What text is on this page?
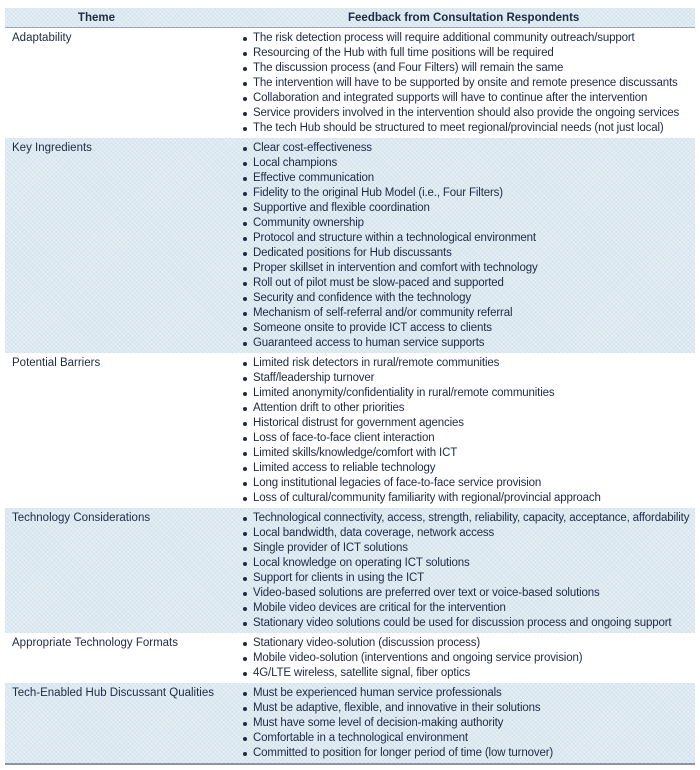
Theme	Feedback from Consultation Respondents
Adaptability	The risk detection process will require additional community outreach/support
Resourcing of the Hub with full time positions will be required
The discussion process (and Four Filters) will remain the same
The intervention will have to be supported by onsite and remote presence discussants
Collaboration and integrated supports will have to continue after the intervention
Service providers involved in the intervention should also provide the ongoing services
The tech Hub should be structured to meet regional/provincial needs (not just local)
Key Ingredients	Clear cost-effectiveness
Local champions
Effective communication
Fidelity to the original Hub Model (i.e., Four Filters)
Supportive and flexible coordination
Community ownership
Protocol and structure within a technological environment
Dedicated positions for Hub discussants
Proper skillset in intervention and comfort with technology
Roll out of pilot must be slow-paced and supported
Security and confidence with the technology
Mechanism of self-referral and/or community referral
Someone onsite to provide ICT access to clients
Guaranteed access to human service supports
Potential Barriers	Limited risk detectors in rural/remote communities
Staff/leadership turnover
Limited anonymity/confidentiality in rural/remote communities
Attention drift to other priorities
Historical distrust for government agencies
Loss of face-to-face client interaction
Limited skills/knowledge/comfort with ICT
Limited access to reliable technology
Long institutional legacies of face-to-face service provision
Loss of cultural/community familiarity with regional/provincial approach
Technology Considerations	Technological connectivity, access, strength, reliability, capacity, acceptance, affordability
Local bandwidth, data coverage, network access
Single provider of ICT solutions
Local knowledge on operating ICT solutions
Support for clients in using the ICT
Video-based solutions are preferred over text or voice-based solutions
Mobile video devices are critical for the intervention
Stationary video solutions could be used for discussion process and ongoing support
Appropriate Technology Formats	Stationary video-solution (discussion process)
Mobile video-solution (interventions and ongoing service provision)
4G/LTE wireless, satellite signal, fiber optics
Tech-Enabled Hub Discussant Qualities	Must be experienced human service professionals
Must be adaptive, flexible, and innovative in their solutions
Must have some level of decision-making authority
Comfortable in a technological environment
Committed to position for longer period of time (low turnover)
